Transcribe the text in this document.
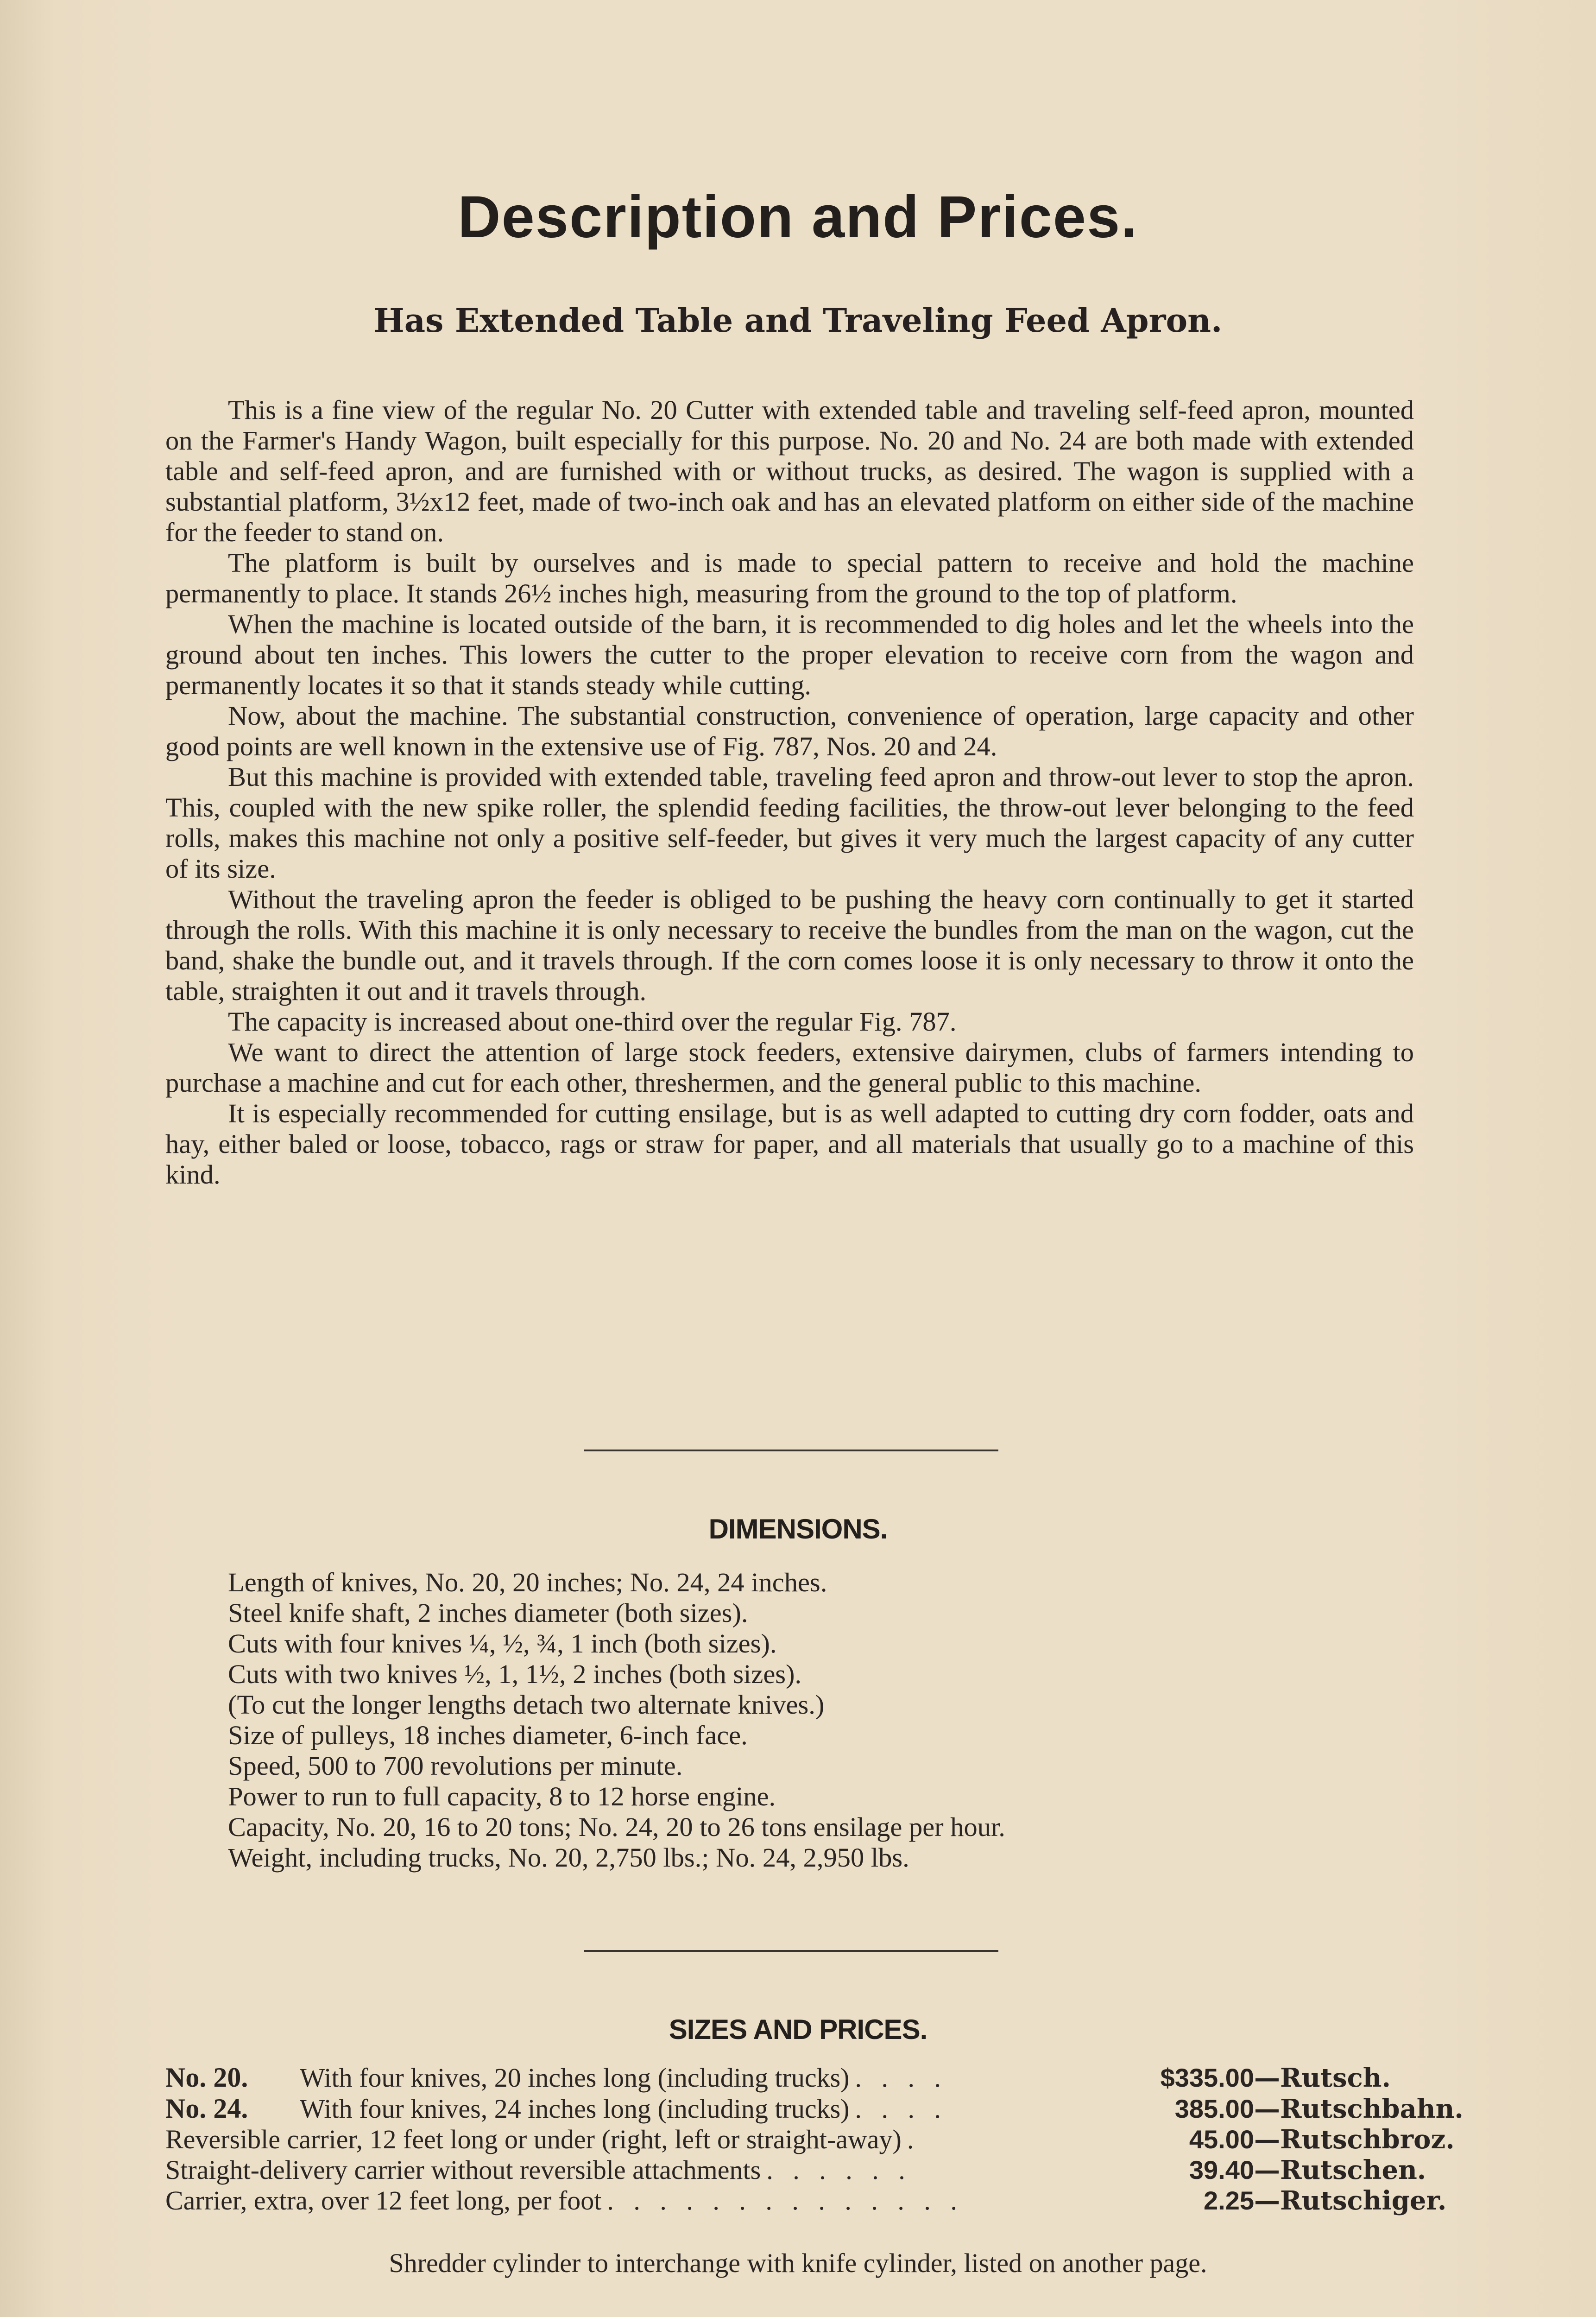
Description and Prices.
Has Extended Table and Traveling Feed Apron.

This is a fine view of the regular No. 20 Cutter with extended table and traveling self-feed apron, mounted on the Farmer's Handy Wagon, built especially for this purpose. No. 20 and No. 24 are both made with extended table and self-feed apron, and are furnished with or without trucks, as desired. The wagon is supplied with a substantial platform, 3½x12 feet, made of two-inch oak and has an elevated platform on either side of the machine for the feeder to stand on.

The platform is built by ourselves and is made to special pattern to receive and hold the machine permanently to place. It stands 26½ inches high, measuring from the ground to the top of platform.

When the machine is located outside of the barn, it is recommended to dig holes and let the wheels into the ground about ten inches. This lowers the cutter to the proper elevation to receive corn from the wagon and permanently locates it so that it stands steady while cutting.

Now, about the machine. The substantial construction, convenience of operation, large capacity and other good points are well known in the extensive use of Fig. 787, Nos. 20 and 24.

But this machine is provided with extended table, traveling feed apron and throw-out lever to stop the apron. This, coupled with the new spike roller, the splendid feeding facilities, the throw-out lever belonging to the feed rolls, makes this machine not only a positive self-feeder, but gives it very much the largest capacity of any cutter of its size.

Without the traveling apron the feeder is obliged to be pushing the heavy corn continually to get it started through the rolls. With this machine it is only necessary to receive the bundles from the man on the wagon, cut the band, shake the bundle out, and it travels through. If the corn comes loose it is only necessary to throw it onto the table, straighten it out and it travels through.

The capacity is increased about one-third over the regular Fig. 787.

We want to direct the attention of large stock feeders, extensive dairymen, clubs of farmers intending to purchase a machine and cut for each other, threshermen, and the general public to this machine.

It is especially recommended for cutting ensilage, but is as well adapted to cutting dry corn fodder, oats and hay, either baled or loose, tobacco, rags or straw for paper, and all materials that usually go to a machine of this kind.

DIMENSIONS.
Length of knives, No. 20, 20 inches; No. 24, 24 inches.
Steel knife shaft, 2 inches diameter (both sizes).
Cuts with four knives ¼, ½, ¾, 1 inch (both sizes).
Cuts with two knives ½, 1, 1½, 2 inches (both sizes).
(To cut the longer lengths detach two alternate knives.)
Size of pulleys, 18 inches diameter, 6-inch face.
Speed, 500 to 700 revolutions per minute.
Power to run to full capacity, 8 to 12 horse engine.
Capacity, No. 20, 16 to 20 tons; No. 24, 20 to 26 tons ensilage per hour.
Weight, including trucks, No. 20, 2,750 lbs.; No. 24, 2,950 lbs.
SIZES AND PRICES.
No. 20.	With four knives, 20 inches long (including trucks) . . . .	$335.00—Rutsch.
No. 24.	With four knives, 24 inches long (including trucks) . . . .	385.00—Rutschbahn.
Reversible carrier, 12 feet long or under (right, left or straight-away) .	45.00—Rutschbroz.
Straight-delivery carrier without reversible attachments . . . . . .	39.40—Rutschen.
Carrier, extra, over 12 feet long, per foot . . . . . . . . . . . . . .	2.25—Rutschiger.
Shredder cylinder to interchange with knife cylinder, listed on another page.
